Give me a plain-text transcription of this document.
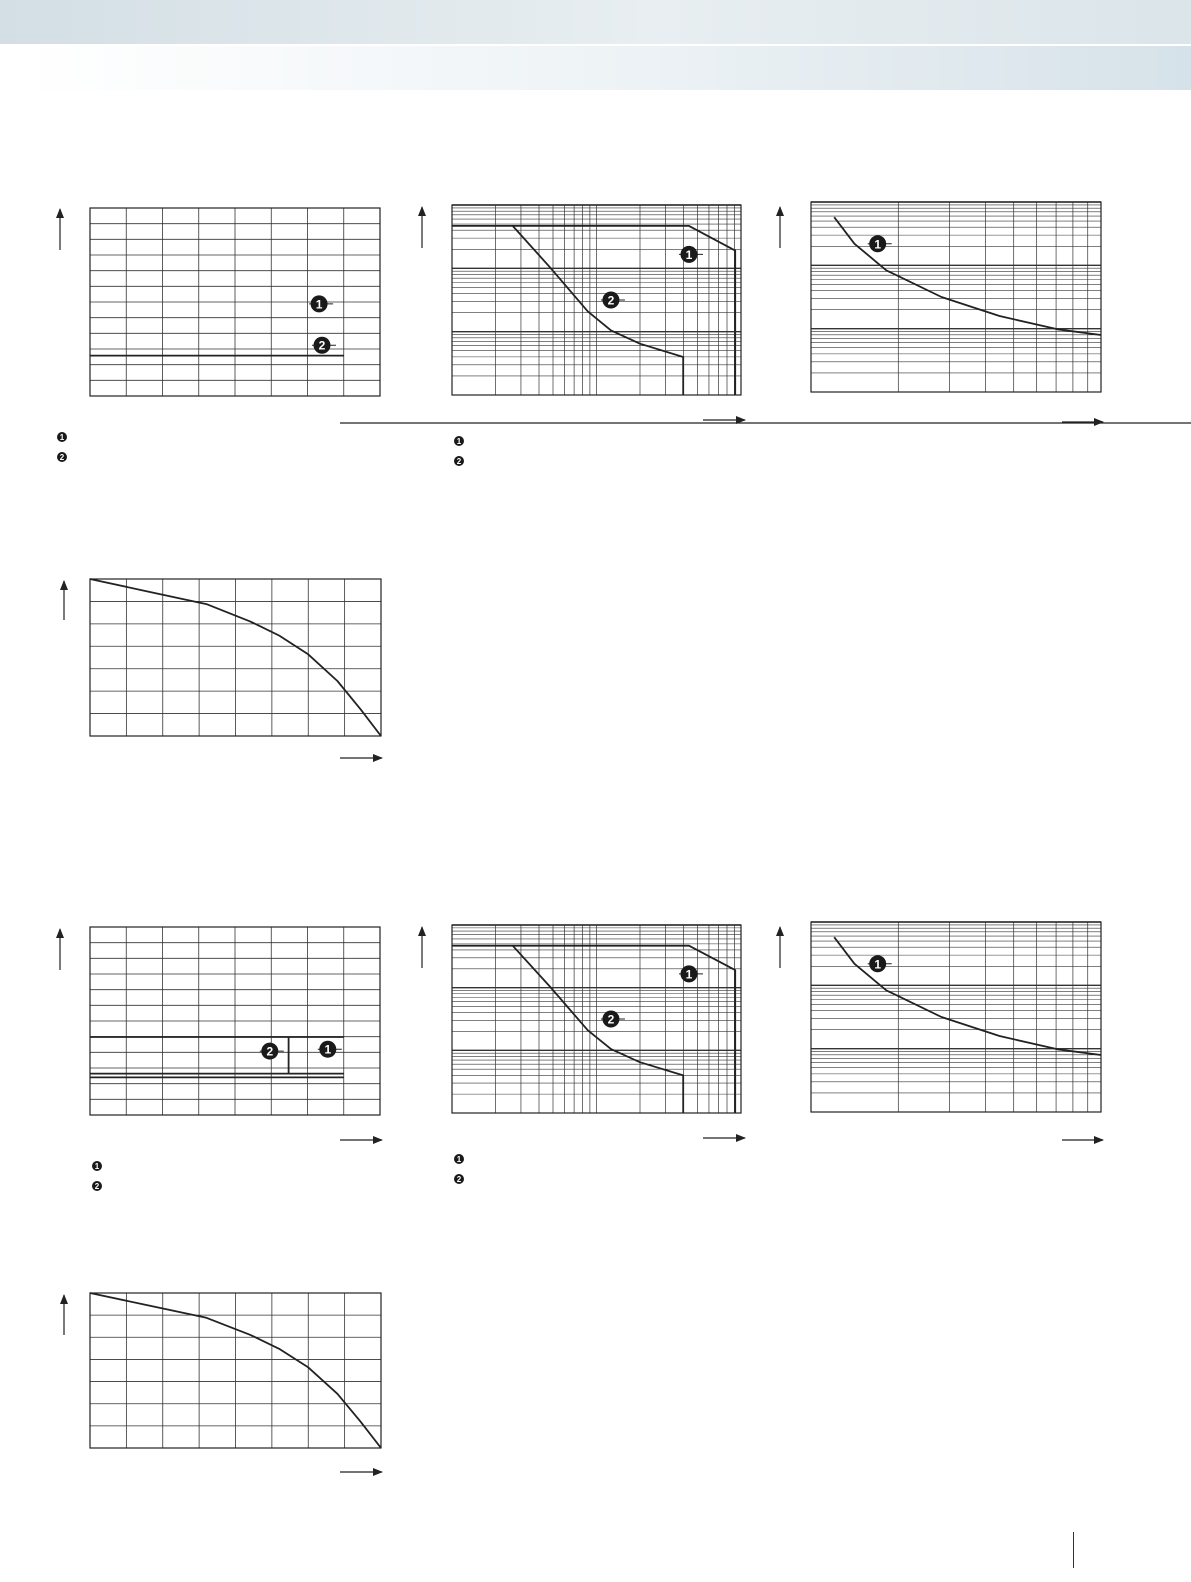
1
2
1
2
1
2
1
2
1
2	1
1
2
1
2
1
2
1
